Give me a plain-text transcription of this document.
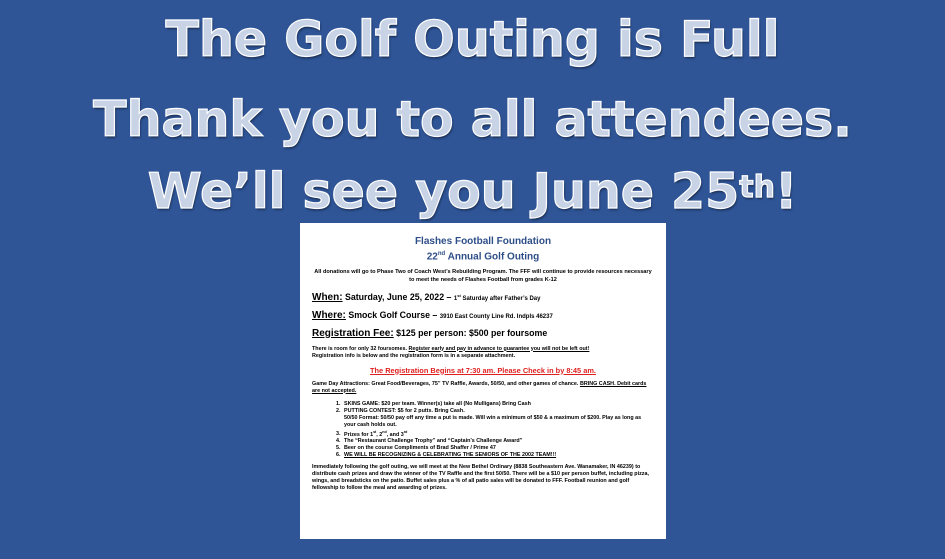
The Golf Outing is Full
Thank you to all attendees.
We’ll see you June 25th!
Flashes Football Foundation
22nd Annual Golf Outing
All donations will go to Phase Two of Coach West’s Rebuilding Program. The FFF will continue to provide resources necessary to meet the needs of Flashes Football from grades K-12
When: Saturday, June 25, 2022 – 1st Saturday after Father’s Day
Where: Smock Golf Course – 3910 East County Line Rd. Indpls 46237
Registration Fee: $125 per person: $500 per foursome
There is room for only 32 foursomes. Register early and pay in advance to guarantee you will not be left out!
Registration info is below and the registration form is in a separate attachment.
The Registration Begins at 7:30 am. Please Check in by 8:45 am.
Game Day Attractions: Great Food/Beverages, 75” TV Raffle, Awards, 50/50, and other games of chance. BRING CASH. Debit cards are not accepted.
1. SKINS GAME: $20 per team. Winner(s) take all (No Mulligans) Bring Cash
2. PUTTING CONTEST: $5 for 2 putts. Bring Cash.
50/50 Format: 50/50 pay off any time a put is made. Will win a minimum of $50 & a maximum of $200. Play as long as your cash holds out.
3. Prizes for 1st, 2nd, and 3rd
4. The “Restaurant Challenge Trophy” and “Captain’s Challenge Award”
5. Beer on the course Compliments of Brad Shaffer / Prime 47
6. WE WILL BE RECOGNIZING & CELEBRATING THE SENIORS OF THE 2002 TEAM!!!
Immediately following the golf outing, we will meet at the New Bethel Ordinary (8838 Southeastern Ave. Wanamaker, IN 46239) to distribute cash prizes and draw the winner of the TV Raffle and the first 50/50. There will be a $10 per person buffet, including pizza, wings, and breadsticks on the patio. Buffet sales plus a % of all patio sales will be donated to FFF. Football reunion and golf fellowship to follow the meal and awarding of prizes.
